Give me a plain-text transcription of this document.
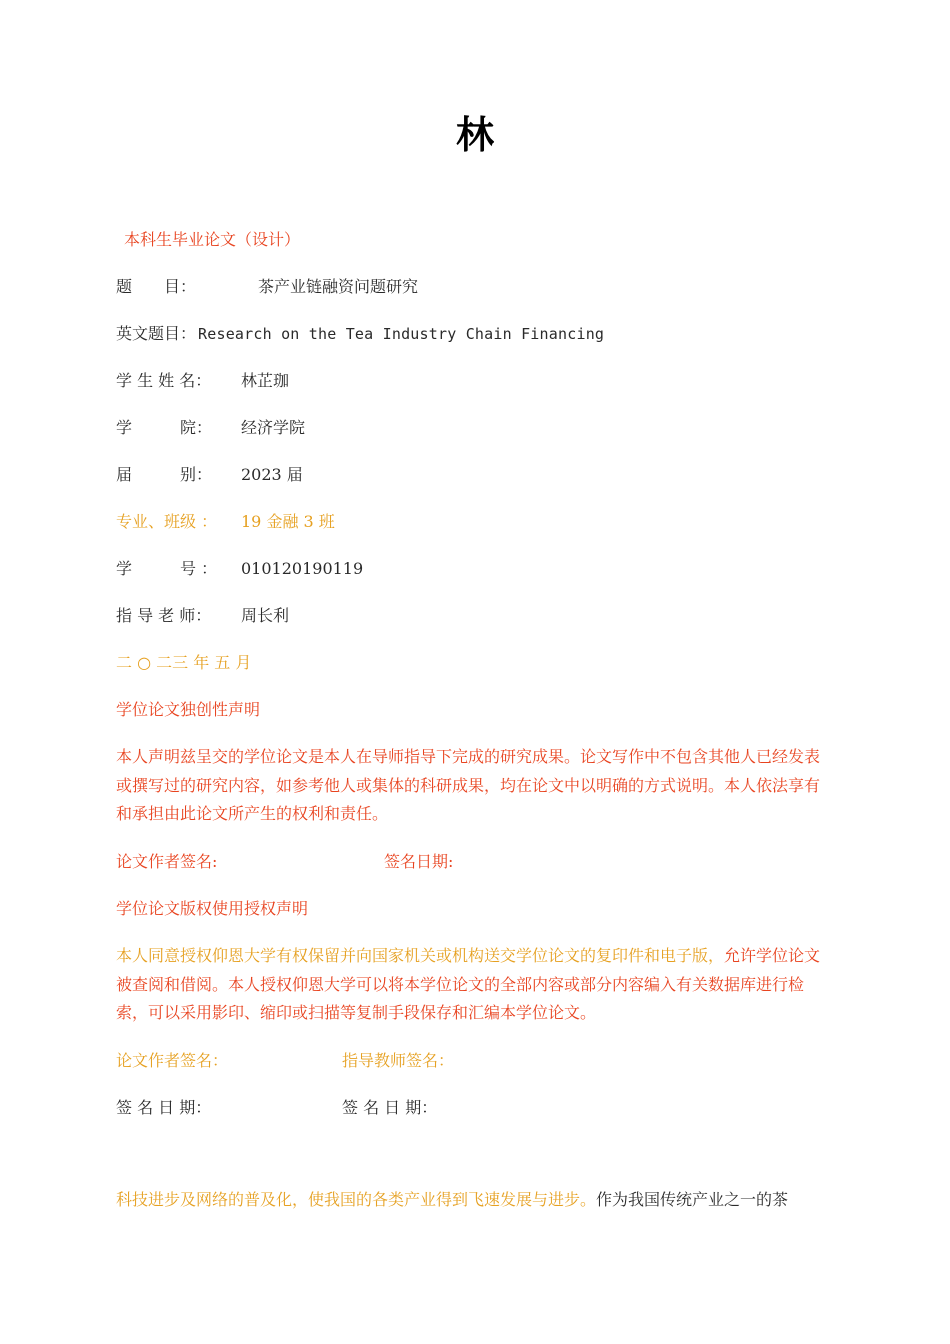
林
本科生毕业论文（设计）
题　　目：	茶产业链融资问题研究
英文题目： Research on the Tea Industry Chain Financing
学 生 姓 名： 林芷珈
学　　　院： 经济学院
届　　　别： 2023 届
专业、班级 ： 19 金融 3 班
学　　　号 ： 010120190119
指 导 老 师： 周长利
二 ○ 二三 年 五 月
学位论文独创性声明
本人声明兹呈交的学位论文是本人在导师指导下完成的研究成果。论文写作中不包含其他人已经发表或撰写过的研究内容，如参考他人或集体的科研成果，均在论文中以明确的方式说明。本人依法享有和承担由此论文所产生的权利和责任。
论文作者签名:	签名日期:
学位论文版权使用授权声明
本人同意授权仰恩大学有权保留并向国家机关或机构送交学位论文的复印件和电子版，允许学位论文被查阅和借阅。本人授权仰恩大学可以将本学位论文的全部内容或部分内容编入有关数据库进行检索，可以采用影印、缩印或扫描等复制手段保存和汇编本学位论文。
论文作者签名：	指导教师签名：
签 名 日 期：	签 名 日 期：
科技进步及网络的普及化，使我国的各类产业得到飞速发展与进步。作为我国传统产业之一的茶
